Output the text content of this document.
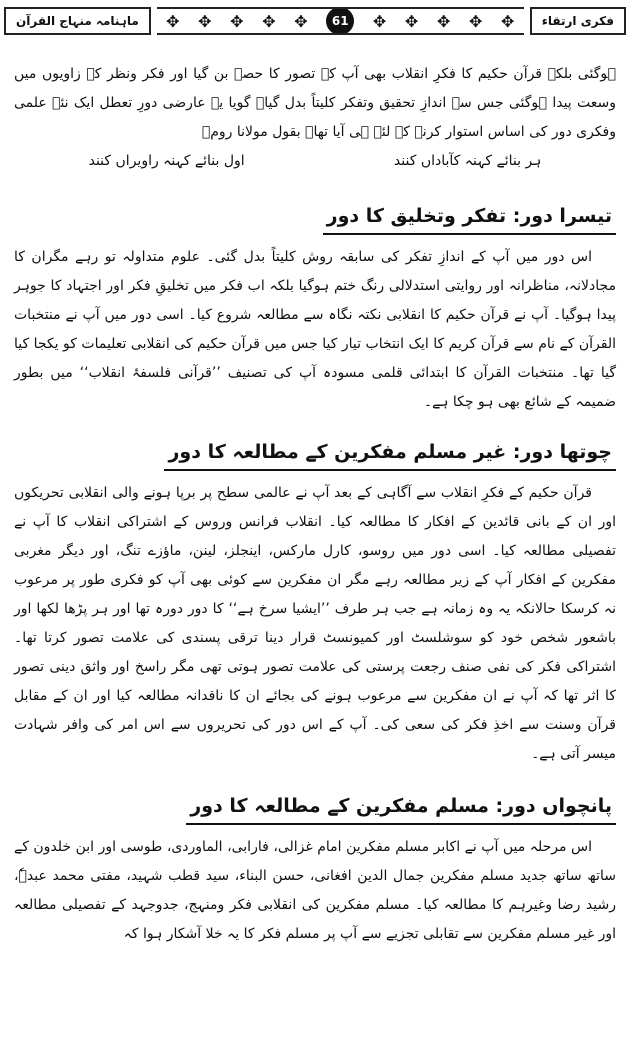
ماہنامہ منہاج القرآن	✥ ✥ ✥ ✥ ✥	61	✥ ✥ ✥ ✥ ✥	فکری ارتقاء

ہوگئی بلکہ قرآن حکیم کا فکرِ انقلاب بھی آپ کے تصور کا حصہ بن گیا اور فکر ونظر کے زاویوں میں وسعت پیدا ہوگئی جس سے اندازِ تحقیق وتفکر کلیتاً بدل گیا۔ گویا یہ عارضی دورِ تعطل ایک نئے علمی وفکری دور کی اساس استوار کرنے کے لئے ہی آیا تھا۔ بقول مولانا رومؒ

ہر بنائے کہنہ کآباداں کنند
اول بنائے کہنہ راویراں کنند
تیسرا دور: تفکر وتخلیق کا دور

اس دور میں آپ کے اندازِ تفکر کی سابقہ روش کلیتاً بدل گئی۔ علوم متداولہ تو رہے مگران کا مجادلانہ، مناظرانہ اور روایتی استدلالی رنگ ختم ہوگیا بلکہ اب فکر میں تخلیقِ فکر اور اجتہاد کا جوہر پیدا ہوگیا۔ آپ نے قرآن حکیم کا انقلابی نکتہ نگاہ سے مطالعہ شروع کیا۔ اسی دور میں آپ نے منتخبات القرآن کے نام سے قرآن کریم کا ایک انتخاب تیار کیا جس میں قرآن حکیم کی انقلابی تعلیمات کو یکجا کیا گیا تھا۔ منتخبات القرآن کا ابتدائی قلمی مسودہ آپ کی تصنیف ’’قرآنی فلسفۂ انقلاب‘‘ میں بطور ضمیمہ کے شائع بھی ہو چکا ہے۔

چوتھا دور: غیر مسلم مفکرین کے مطالعہ کا دور

قرآن حکیم کے فکرِ انقلاب سے آگاہی کے بعد آپ نے عالمی سطح پر برپا ہونے والی انقلابی تحریکوں اور ان کے بانی قائدین کے افکار کا مطالعہ کیا۔ انقلاب فرانس وروس کے اشتراکی انقلاب کا آپ نے تفصیلی مطالعہ کیا۔ اسی دور میں روسو، کارل مارکس، اینجلز، لینن، ماؤزے تنگ، اور دیگر مغربی مفکرین کے افکار آپ کے زیر مطالعہ رہے مگر ان مفکرین سے کوئی بھی آپ کو فکری طور پر مرعوب نہ کرسکا حالانکہ یہ وہ زمانہ ہے جب ہر طرف ’’ایشیا سرخ ہے‘‘ کا دور دورہ تھا اور ہر پڑھا لکھا اور باشعور شخص خود کو سوشلسٹ اور کمیونسٹ قرار دینا ترقی پسندی کی علامت تصور کرتا تھا۔ اشتراکی فکر کی نفی صنف رجعت پرستی کی علامت تصور ہوتی تھی مگر راسخ اور واثق دینی تصور کا اثر تھا کہ آپ نے ان مفکرین سے مرعوب ہونے کی بجائے ان کا ناقدانہ مطالعہ کیا اور ان کے مقابل قرآن وسنت سے اخذِ فکر کی سعی کی۔ آپ کے اس دور کی تحریروں سے اس امر کی وافر شہادت میسر آتی ہے۔

پانچواں دور: مسلم مفکرین کے مطالعہ کا دور

اس مرحلہ میں آپ نے اکابر مسلم مفکرین امام غزالی، فارابی، الماوردی، طوسی اور ابن خلدون کے ساتھ ساتھ جدید مسلم مفکرین جمال الدین افغانی، حسن البناء، سید قطب شہید، مفتی محمد عبدہٗ، رشید رضا وغیرہم کا مطالعہ کیا۔ مسلم مفکرین کی انقلابی فکر ومنہج، جدوجہد کے تفصیلی مطالعہ اور غیر مسلم مفکرین سے تقابلی تجزیے سے آپ پر مسلم فکر کا یہ خلا آشکار ہوا کہ
